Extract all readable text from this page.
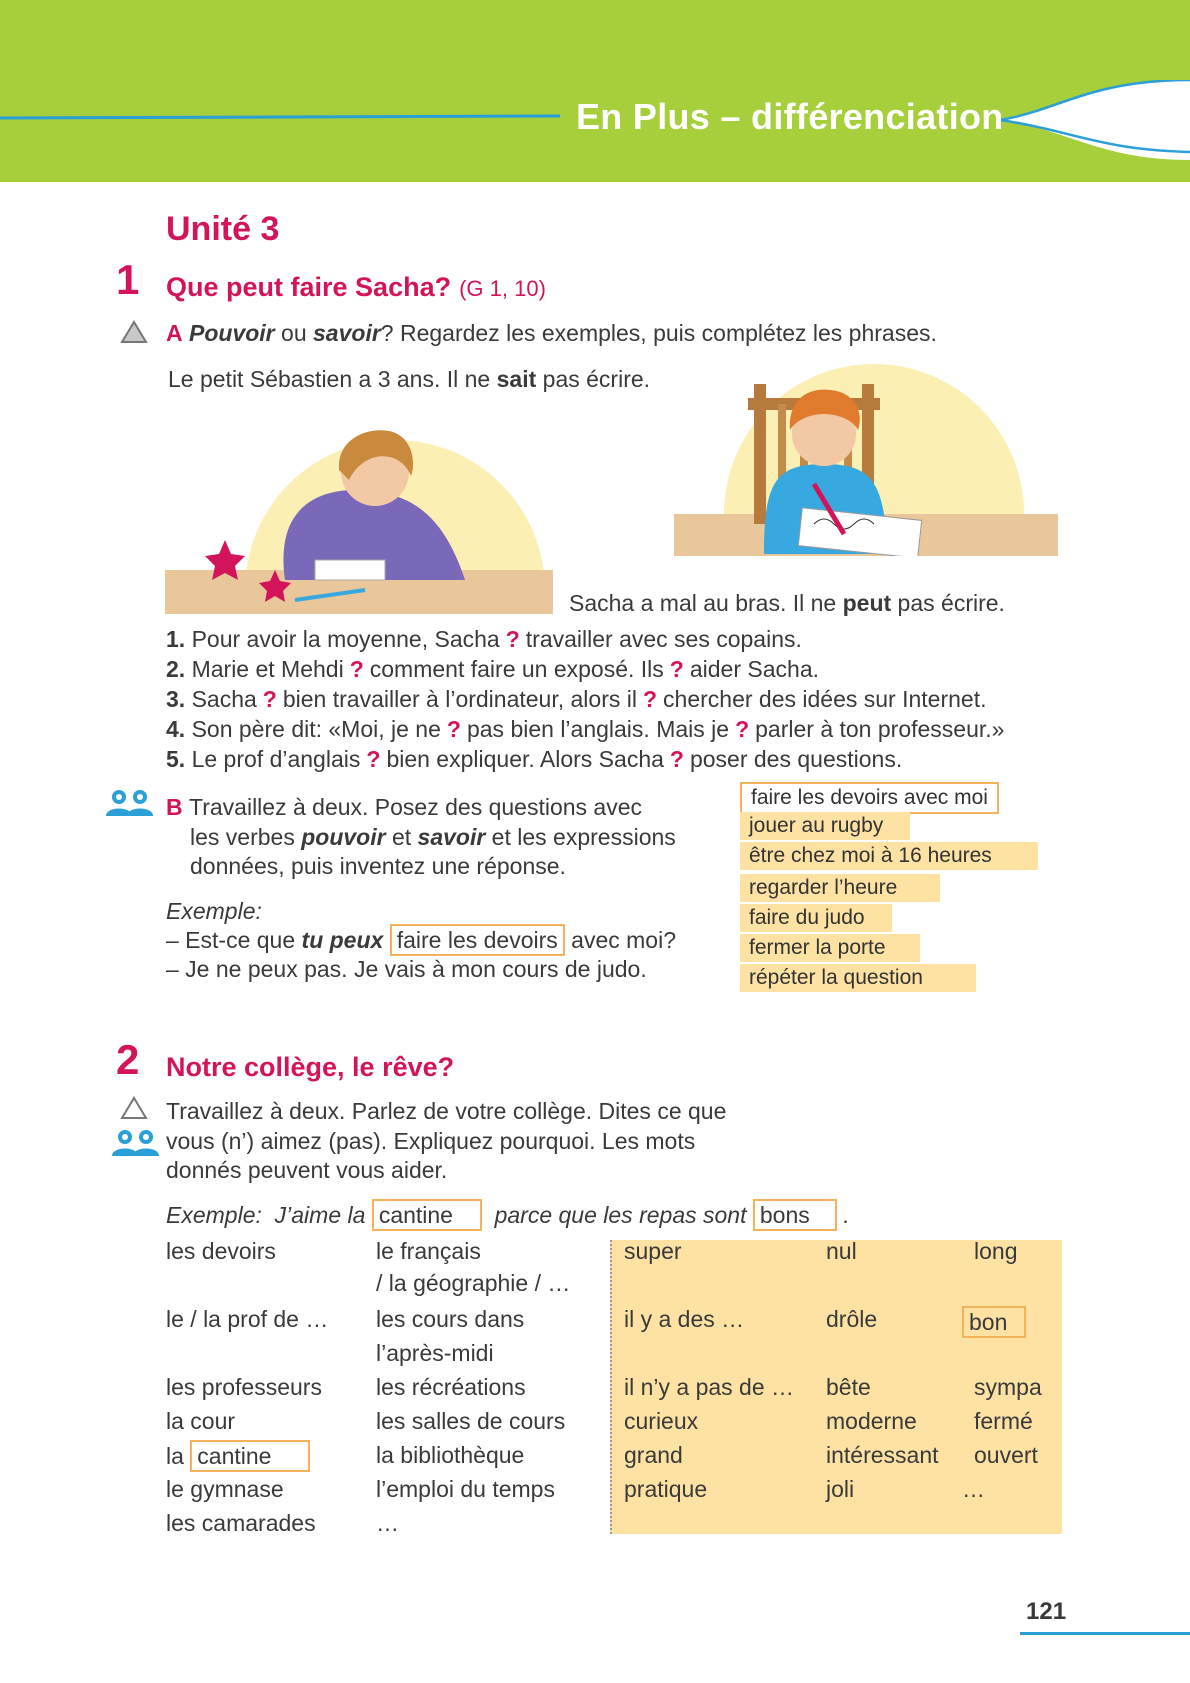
En Plus – différenciation
Unité 3
1 Que peut faire Sacha? (G 1, 10)
A Pouvoir ou savoir? Regardez les exemples, puis complétez les phrases.
Le petit Sébastien a 3 ans. Il ne sait pas écrire.
Sacha a mal au bras. Il ne peut pas écrire.
1. Pour avoir la moyenne, Sacha ? travailler avec ses copains.
2. Marie et Mehdi ? comment faire un exposé. Ils ? aider Sacha.
3. Sacha ? bien travailler à l’ordinateur, alors il ? chercher des idées sur Internet.
4. Son père dit: «Moi, je ne ? pas bien l’anglais. Mais je ? parler à ton professeur.»
5. Le prof d’anglais ? bien expliquer. Alors Sacha ? poser des questions.
B Travaillez à deux. Posez des questions avec
les verbes pouvoir et savoir et les expressions
données, puis inventez une réponse.
Exemple:
– Est-ce que tu peux faire les devoirs avec moi?
– Je ne peux pas. Je vais à mon cours de judo.
faire les devoirs avec moi
jouer au rugby
être chez moi à 16 heures
regarder l’heure
faire du judo
fermer la porte
répéter la question
2 Notre collège, le rêve?
Travaillez à deux. Parlez de votre collège. Dites ce que
vous (n’) aimez (pas). Expliquez pourquoi. Les mots
donnés peuvent vous aider.
Exemple: J’aime la cantine parce que les repas sont bons .
les devoirs
le / la prof de …
les professeurs
la cour
la cantine
le gymnase
les camarades
le français
/ la géographie / …
les cours dans
l’après-midi
les récréations
les salles de cours
la bibliothèque
l’emploi du temps
…
super
il y a des …
il n’y a pas de …
curieux
grand
pratique
nul
drôle
bête
moderne
intéressant
joli
long
bon
sympa
fermé
ouvert
…
121
